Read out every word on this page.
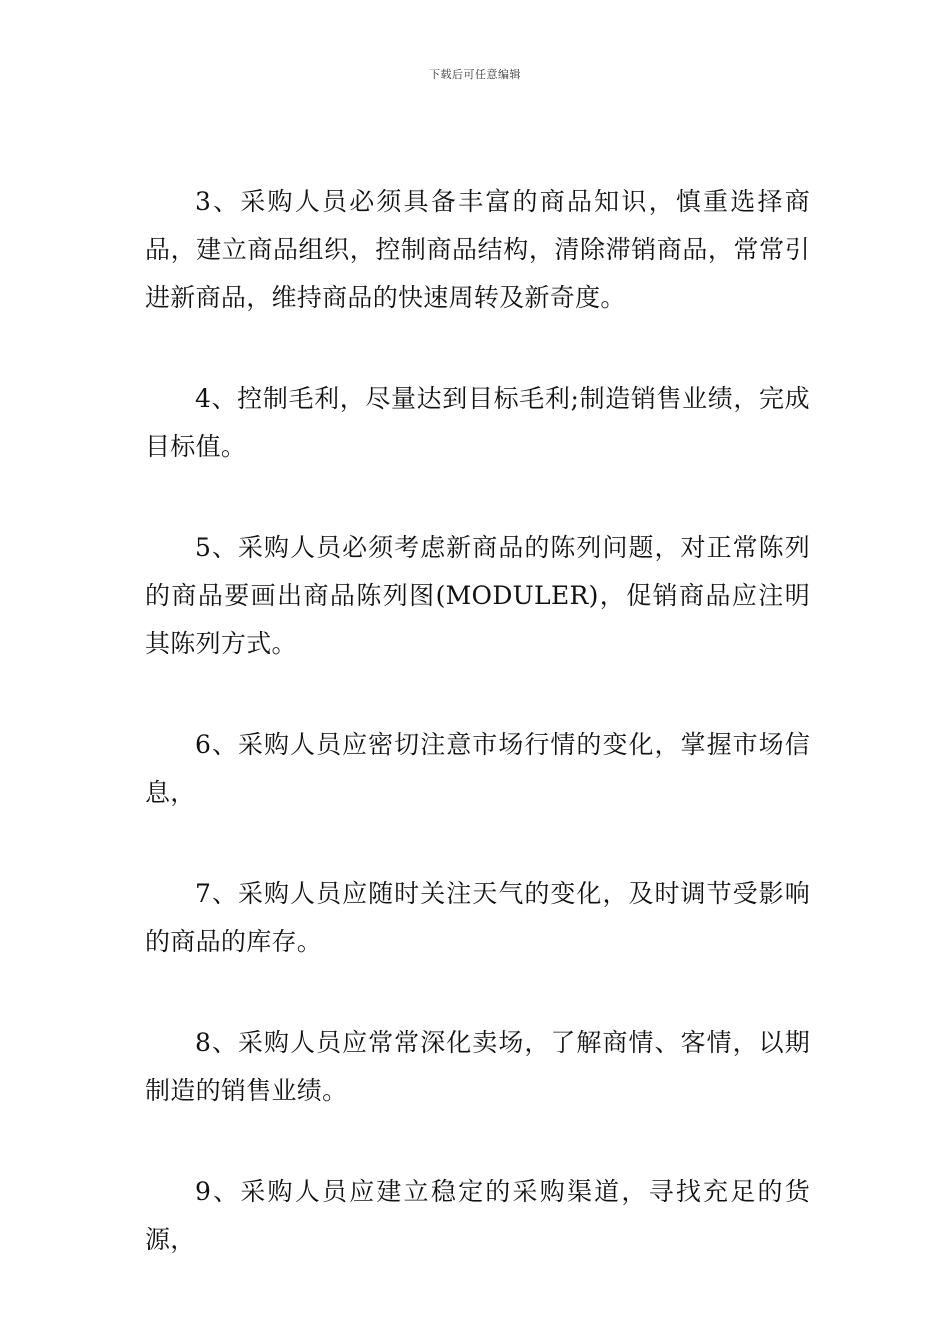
下载后可任意编辑

3、采购人员必须具备丰富的商品知识，慎重选择商品，建立商品组织，控制商品结构，清除滞销商品，常常引进新商品，维持商品的快速周转及新奇度。

4、控制毛利，尽量达到目标毛利;制造销售业绩，完成目标值。

5、采购人员必须考虑新商品的陈列问题，对正常陈列的商品要画出商品陈列图(MODULER)，促销商品应注明其陈列方式。

6、采购人员应密切注意市场行情的变化，掌握市场信息，

7、采购人员应随时关注天气的变化，及时调节受影响的商品的库存。

8、采购人员应常常深化卖场，了解商情、客情，以期制造的销售业绩。

9、采购人员应建立稳定的采购渠道，寻找充足的货源，
